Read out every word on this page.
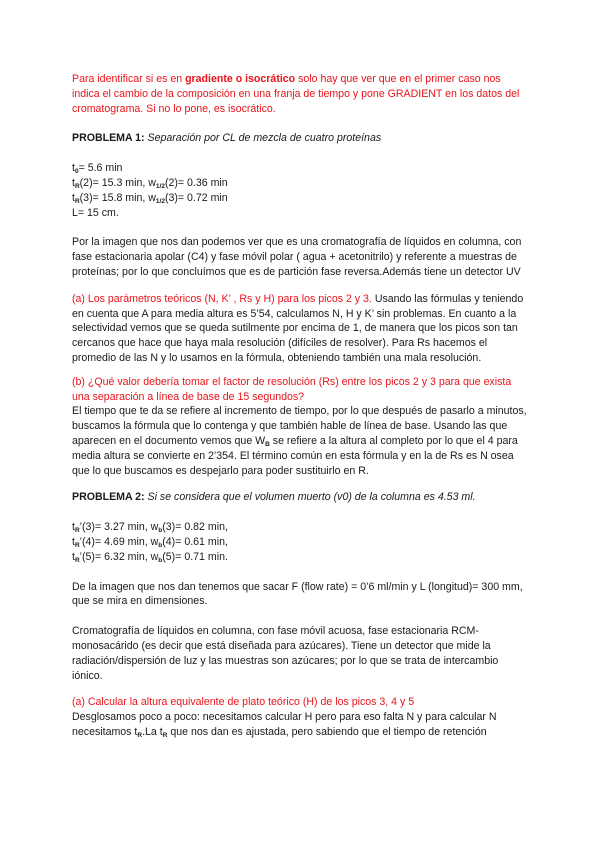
Para identificar si es en gradiente o isocrático solo hay que ver que en el primer caso nos indica el cambio de la composición en una franja de tiempo y pone GRADIENT en los datos del cromatograma. Si no lo pone, es isocrático.

PROBLEMA 1: Separación por CL de mezcla de cuatro proteínas

$t_0= 5.6$ min

$t_R(2)= 15.3$ min, $w_{1/2}(2)= 0.36$ min

$t_R(3)= 15.8$ min, $w_{1/2}(3)= 0.72$ min

L= 15 cm.

Por la imagen que nos dan podemos ver que es una cromatografía de líquidos en columna, con fase estacionaria apolar (C4) y fase móvil polar ( agua + acetonitrilo) y referente a muestras de proteínas; por lo que concluímos que es de partición fase reversa.Además tiene un detector UV

(a) Los parámetros teóricos (N, K’ , Rs y H) para los picos 2 y 3. Usando las fórmulas y teniendo en cuenta que A para media altura es 5’54, calculamos N, H y K’ sin problemas. En cuanto a la selectividad vemos que se queda sutilmente por encima de 1, de manera que los picos son tan cercanos que hace que haya mala resolución (difíciles de resolver). Para Rs hacemos el promedio de las N y lo usamos en la fórmula, obteniendo también una mala resolución.

(b) ¿Qué valor debería tomar el factor de resolución (Rs) entre los picos 2 y 3 para que exista una separación a línea de base de 15 segundos?

El tiempo que te da se refiere al incremento de tiempo, por lo que después de pasarlo a minutos, buscamos la fórmula que lo contenga y que también hable de línea de base. Usando las que aparecen en el documento vemos que $W_B$ se refiere a la altura al completo por lo que el 4 para media altura se convierte en 2’354. El término común en esta fórmula y en la de Rs es N osea que lo que buscamos es despejarlo para poder sustituirlo en R.

PROBLEMA 2: Si se considera que el volumen muerto (v0) de la columna es 4.53 ml.

$t_R’(3)= 3.27$ min, $w_b(3)= 0.82$ min,

$t_R’(4)= 4.69$ min, $w_b(4)= 0.61$ min,

$t_R’(5)= 6.32$ min, $w_b(5)= 0.71$ min.

De la imagen que nos dan tenemos que sacar F (flow rate) = 0’6 ml/min y L (longitud)= 300 mm, que se mira en dimensiones.

Cromatografía de líquidos en columna, con fase móvil acuosa, fase estacionaria RCM-monosacárido (es decir que está diseñada para azúcares). Tiene un detector que mide la radiación/dispersión de luz y las muestras son azúcares; por lo que se trata de intercambio iónico.

(a) Calcular la altura equivalente de plato teórico (H) de los picos 3, 4 y 5

Desglosamos poco a poco: necesitamos calcular H pero para eso falta N y para calcular N necesitamos $t_R.La$ $t_R$ que nos dan es ajustada, pero sabiendo que el tiempo de retención
